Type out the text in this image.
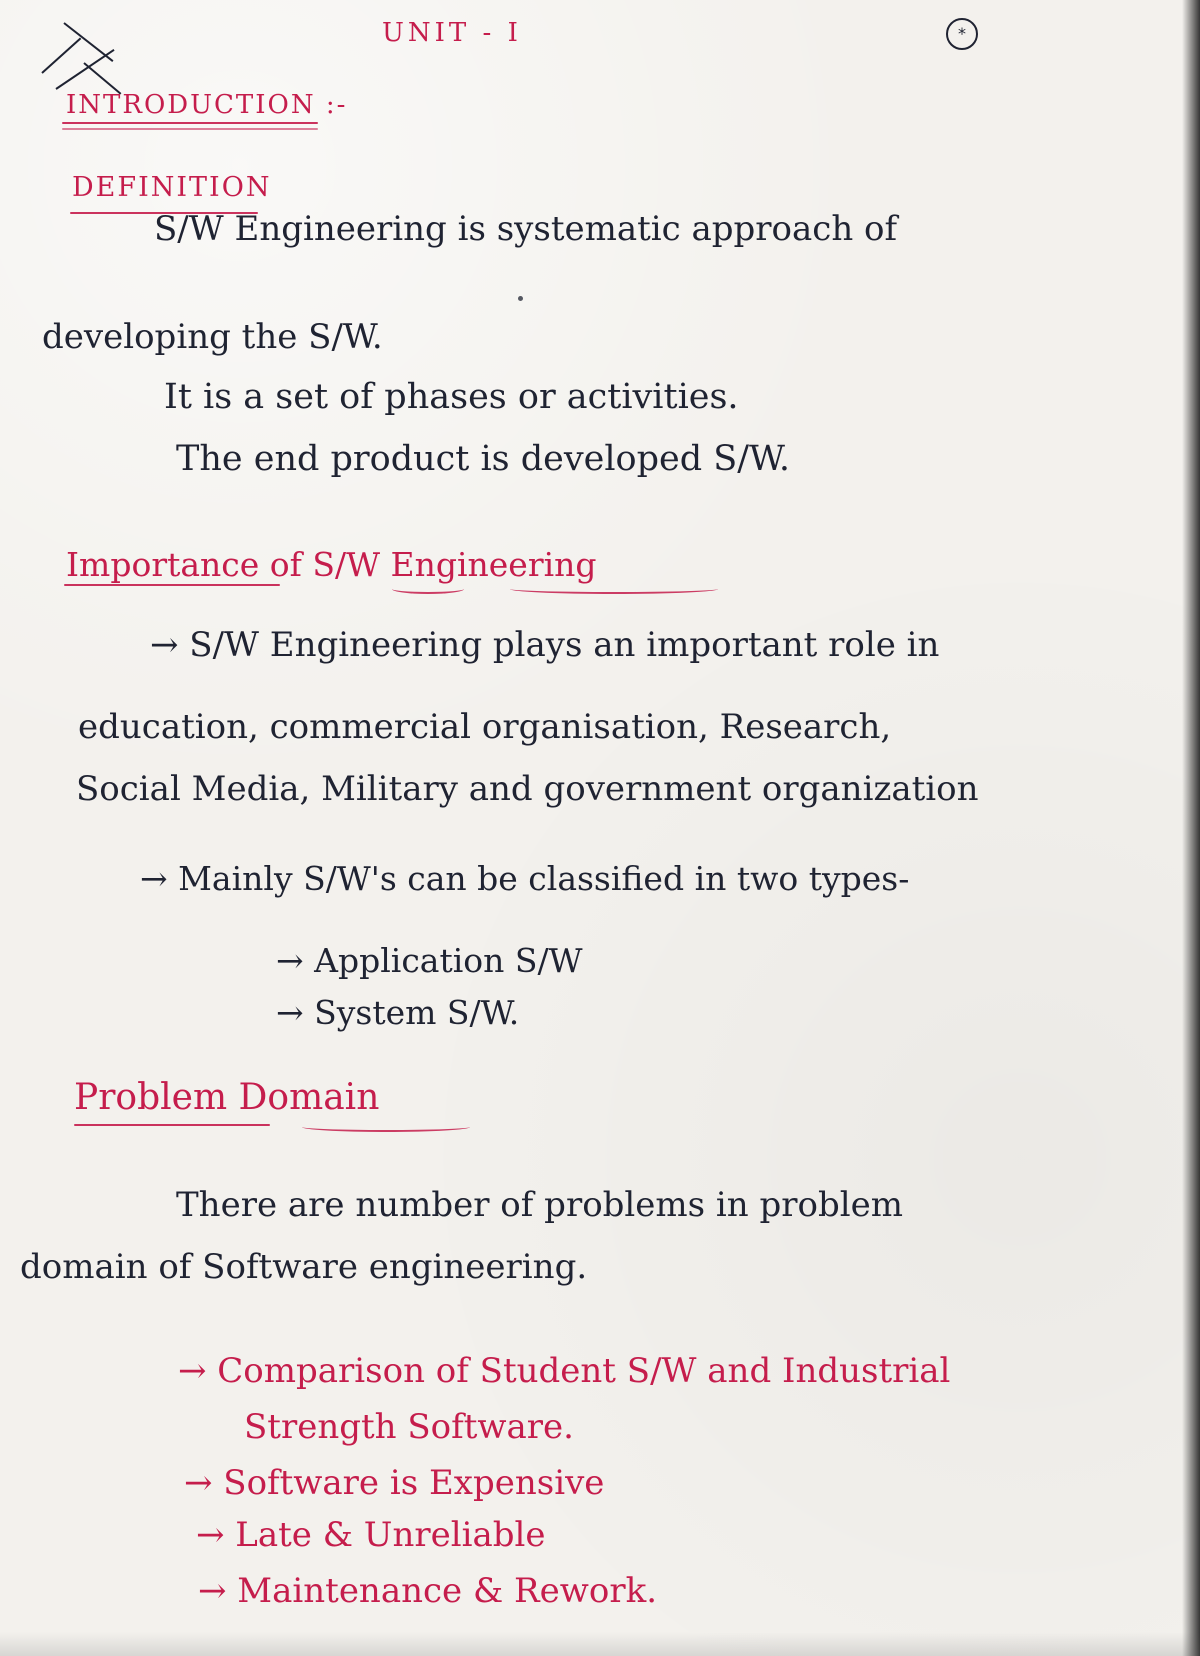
UNIT - I	*
INTRODUCTION :-
DEFINITION
S/W Engineering is systematic approach of
developing the S/W.
It is a set of phases or activities.
The end product is developed S/W.
Importance of S/W Engineering
→ S/W Engineering plays an important role in
education, commercial organisation, Research,
Social Media, Military and government organization
→ Mainly S/W's can be classified in two types-
→ Application S/W
→ System S/W.
Problem Domain
There are number of problems in problem
domain of Software engineering.
→ Comparison of Student S/W and Industrial
Strength Software.
→ Software is Expensive
→ Late & Unreliable
→ Maintenance & Rework.
